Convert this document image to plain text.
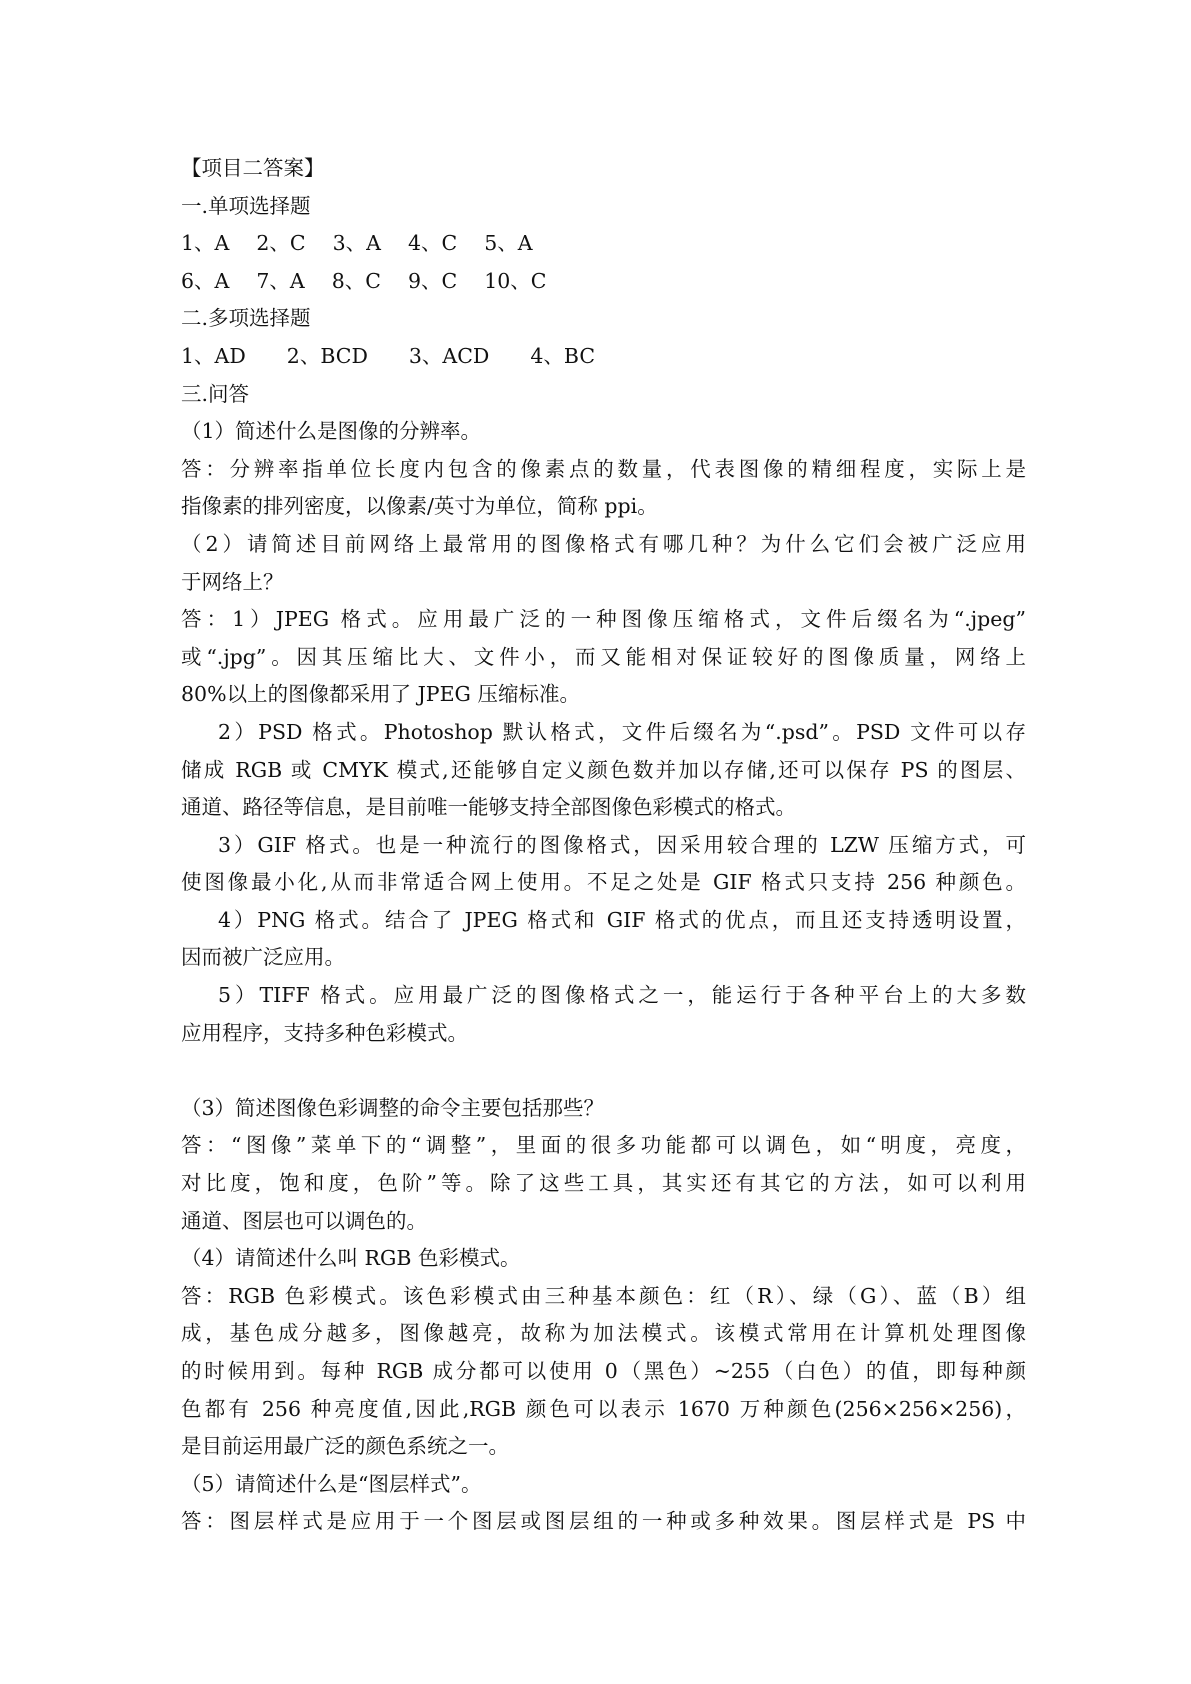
【项目二答案】
一.单项选择题
1、A　 2、C　 3、A　 4、C　 5、A
6、A　 7、A　 8、C　 9、C　 10、C
二.多项选择题
1、AD　　2、BCD　　3、ACD　　4、BC
三.问答
（1）简述什么是图像的分辨率。
答：分辨率指单位长度内包含的像素点的数量，代表图像的精细程度，实际上是
指像素的排列密度，以像素/英寸为单位，简称 ppi。
（2）请简述目前网络上最常用的图像格式有哪几种？为什么它们会被广泛应用
于网络上？
答：1）JPEG 格式。应用最广泛的一种图像压缩格式，文件后缀名为“.jpeg”
或“.jpg”。因其压缩比大、文件小，而又能相对保证较好的图像质量，网络上
80%以上的图像都采用了 JPEG 压缩标准。
2）PSD 格式。Photoshop 默认格式，文件后缀名为“.psd”。PSD 文件可以存
储成 RGB 或 CMYK 模式,还能够自定义颜色数并加以存储,还可以保存 PS 的图层、
通道、路径等信息，是目前唯一能够支持全部图像色彩模式的格式。
3）GIF 格式。也是一种流行的图像格式，因采用较合理的 LZW 压缩方式，可
使图像最小化,从而非常适合网上使用。不足之处是 GIF 格式只支持 256 种颜色。
4）PNG 格式。结合了 JPEG 格式和 GIF 格式的优点，而且还支持透明设置，
因而被广泛应用。
5）TIFF 格式。应用最广泛的图像格式之一，能运行于各种平台上的大多数
应用程序，支持多种色彩模式。
（3）简述图像色彩调整的命令主要包括那些？
答：“图像”菜单下的“调整”，里面的很多功能都可以调色，如“明度，亮度，
对比度，饱和度，色阶”等。除了这些工具，其实还有其它的方法，如可以利用
通道、图层也可以调色的。
（4）请简述什么叫 RGB 色彩模式。
答：RGB 色彩模式。该色彩模式由三种基本颜色：红（R）、绿（G）、蓝（B）组
成，基色成分越多，图像越亮，故称为加法模式。该模式常用在计算机处理图像
的时候用到。每种 RGB 成分都可以使用 0（黑色）~255（白色）的值，即每种颜
色都有 256 种亮度值,因此,RGB 颜色可以表示 1670 万种颜色(256×256×256)，
是目前运用最广泛的颜色系统之一。
（5）请简述什么是“图层样式”。
答：图层样式是应用于一个图层或图层组的一种或多种效果。图层样式是 PS 中
